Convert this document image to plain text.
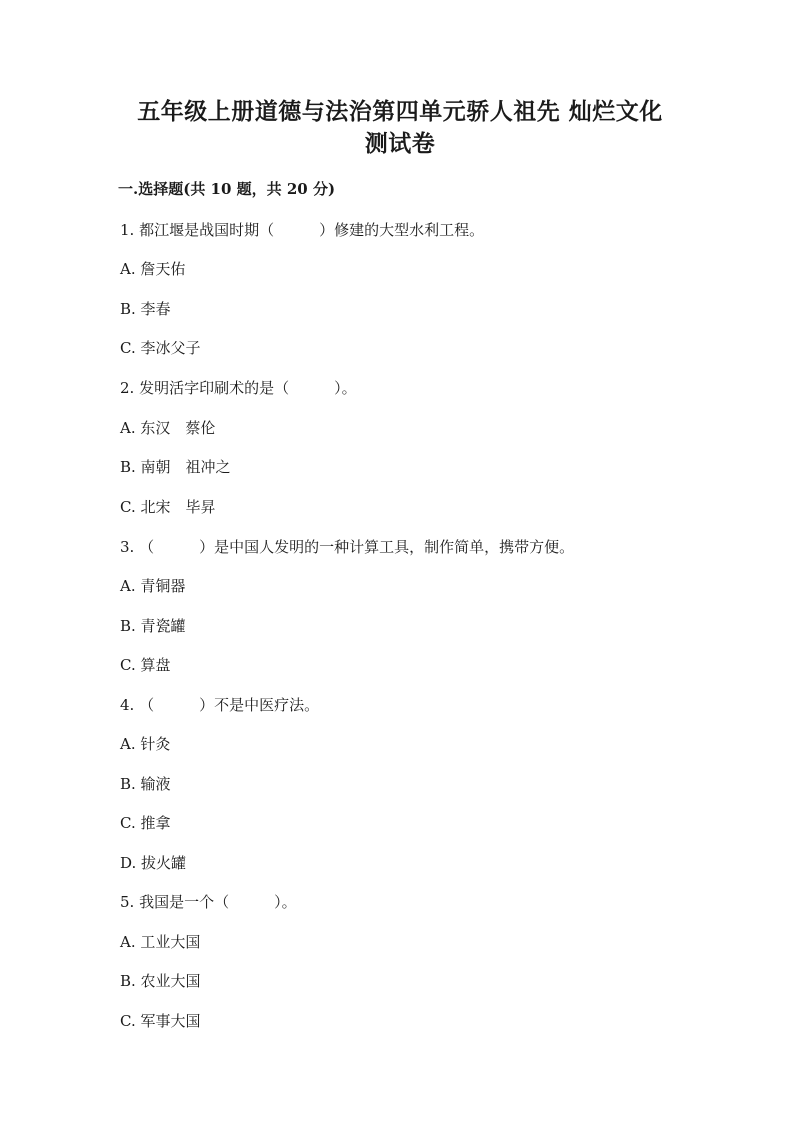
五年级上册道德与法治第四单元骄人祖先 灿烂文化
测试卷
一.选择题(共 10 题，共 20 分)
1. 都江堰是战国时期（　　　）修建的大型水利工程。
A. 詹天佑
B. 李春
C. 李冰父子
2. 发明活字印刷术的是（　　　）。
A. 东汉　蔡伦
B. 南朝　祖冲之
C. 北宋　毕昇
3. （　　　）是中国人发明的一种计算工具，制作简单，携带方便。
A. 青铜器
B. 青瓷罐
C. 算盘
4. （　　　）不是中医疗法。
A. 针灸
B. 输液
C. 推拿
D. 拔火罐
5. 我国是一个（　　　）。
A. 工业大国
B. 农业大国
C. 军事大国
